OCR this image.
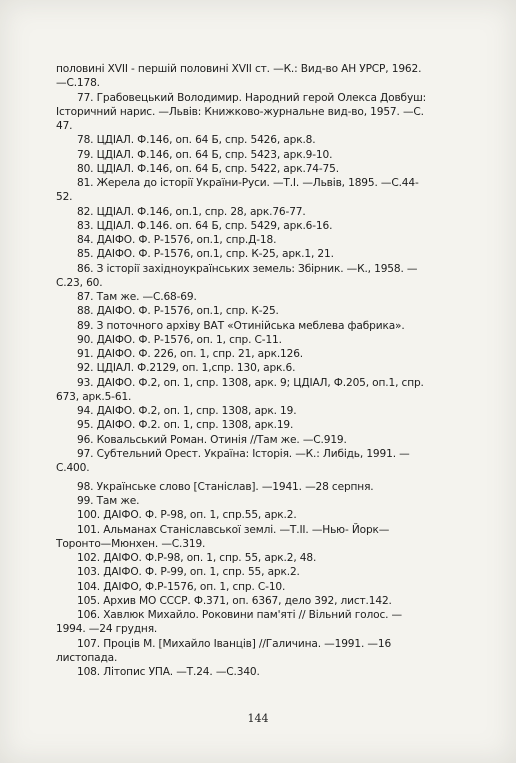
половині XVII - першій половині XVII ст. —К.: Вид-во АН УРСР, 1962.
—С.178.
77. Грабовецький Володимир. Народний герой Олекса Довбуш:
Історичний нарис. —Львів: Книжково-журнальне вид-во, 1957. —С.
47.
78. ЦДІАЛ. Ф.146, оп. 64 Б, спр. 5426, арк.8.
79. ЦДІАЛ. Ф.146, оп. 64 Б, спр. 5423, арк.9-10.
80. ЦДІАЛ. Ф.146, оп. 64 Б, спр. 5422, арк.74-75.
81. Жерела до історії України-Руси. —Т.І. —Львів, 1895. —С.44-
52.
82. ЦДІАЛ. Ф.146, оп.1, спр. 28, арк.76-77.
83. ЦДІАЛ. Ф.146. оп. 64 Б, спр. 5429, арк.6-16.
84. ДАІФО. Ф. Р-1576, оп.1, спр.Д-18.
85. ДАІФО. Ф. Р-1576, оп.1, спр. К-25, арк.1, 21.
86. З історії західноукраїнських земель: Збірник. —К., 1958. —
С.23, 60.
87. Там же. —С.68-69.
88. ДАІФО. Ф. Р-1576, оп.1, спр. К-25.
89. З поточного архіву ВАТ «Отинійська меблева фабрика».
90. ДАІФО. Ф. Р-1576, оп. 1, спр. С-11.
91. ДАІФО. Ф. 226, оп. 1, спр. 21, арк.126.
92. ЦДІАЛ. Ф.2129, оп. 1,спр. 130, арк.6.
93. ДАІФО. Ф.2, оп. 1, спр. 1308, арк. 9; ЦДІАЛ, Ф.205, оп.1, спр.
673, арк.5-61.
94. ДАІФО. Ф.2, оп. 1, спр. 1308, арк. 19.
95. ДАІФО. Ф.2. оп. 1, спр. 1308, арк.19.
96. Ковальський Роман. Отинія //Там же. —С.919.
97. Субтельний Орест. Україна: Історія. —К.: Либідь, 1991. —
С.400.
98. Українське слово [Станіслав]. —1941. —28 серпня.
99. Там же.
100. ДАІФО. Ф. Р-98, оп. 1, спр.55, арк.2.
101. Альманах Станіславської землі. —Т.ІІ. —Нью- Йорк—
Торонто—Мюнхен. —С.319.
102. ДАІФО. Ф.Р-98, оп. 1, спр. 55, арк.2, 48.
103. ДАІФО. Ф. Р-99, оп. 1, спр. 55, арк.2.
104. ДАІФО, Ф.Р-1576, оп. 1, спр. С-10.
105. Архив МО СССР. Ф.371, оп. 6367, дело 392, лист.142.
106. Хавлюк Михайло. Роковини пам'яті // Вільний голос. —
1994. —24 грудня.
107. Проців М. [Михайло Іванців] //Галичина. —1991. —16
листопада.
108. Літопис УПА. —Т.24. —С.340.
144
